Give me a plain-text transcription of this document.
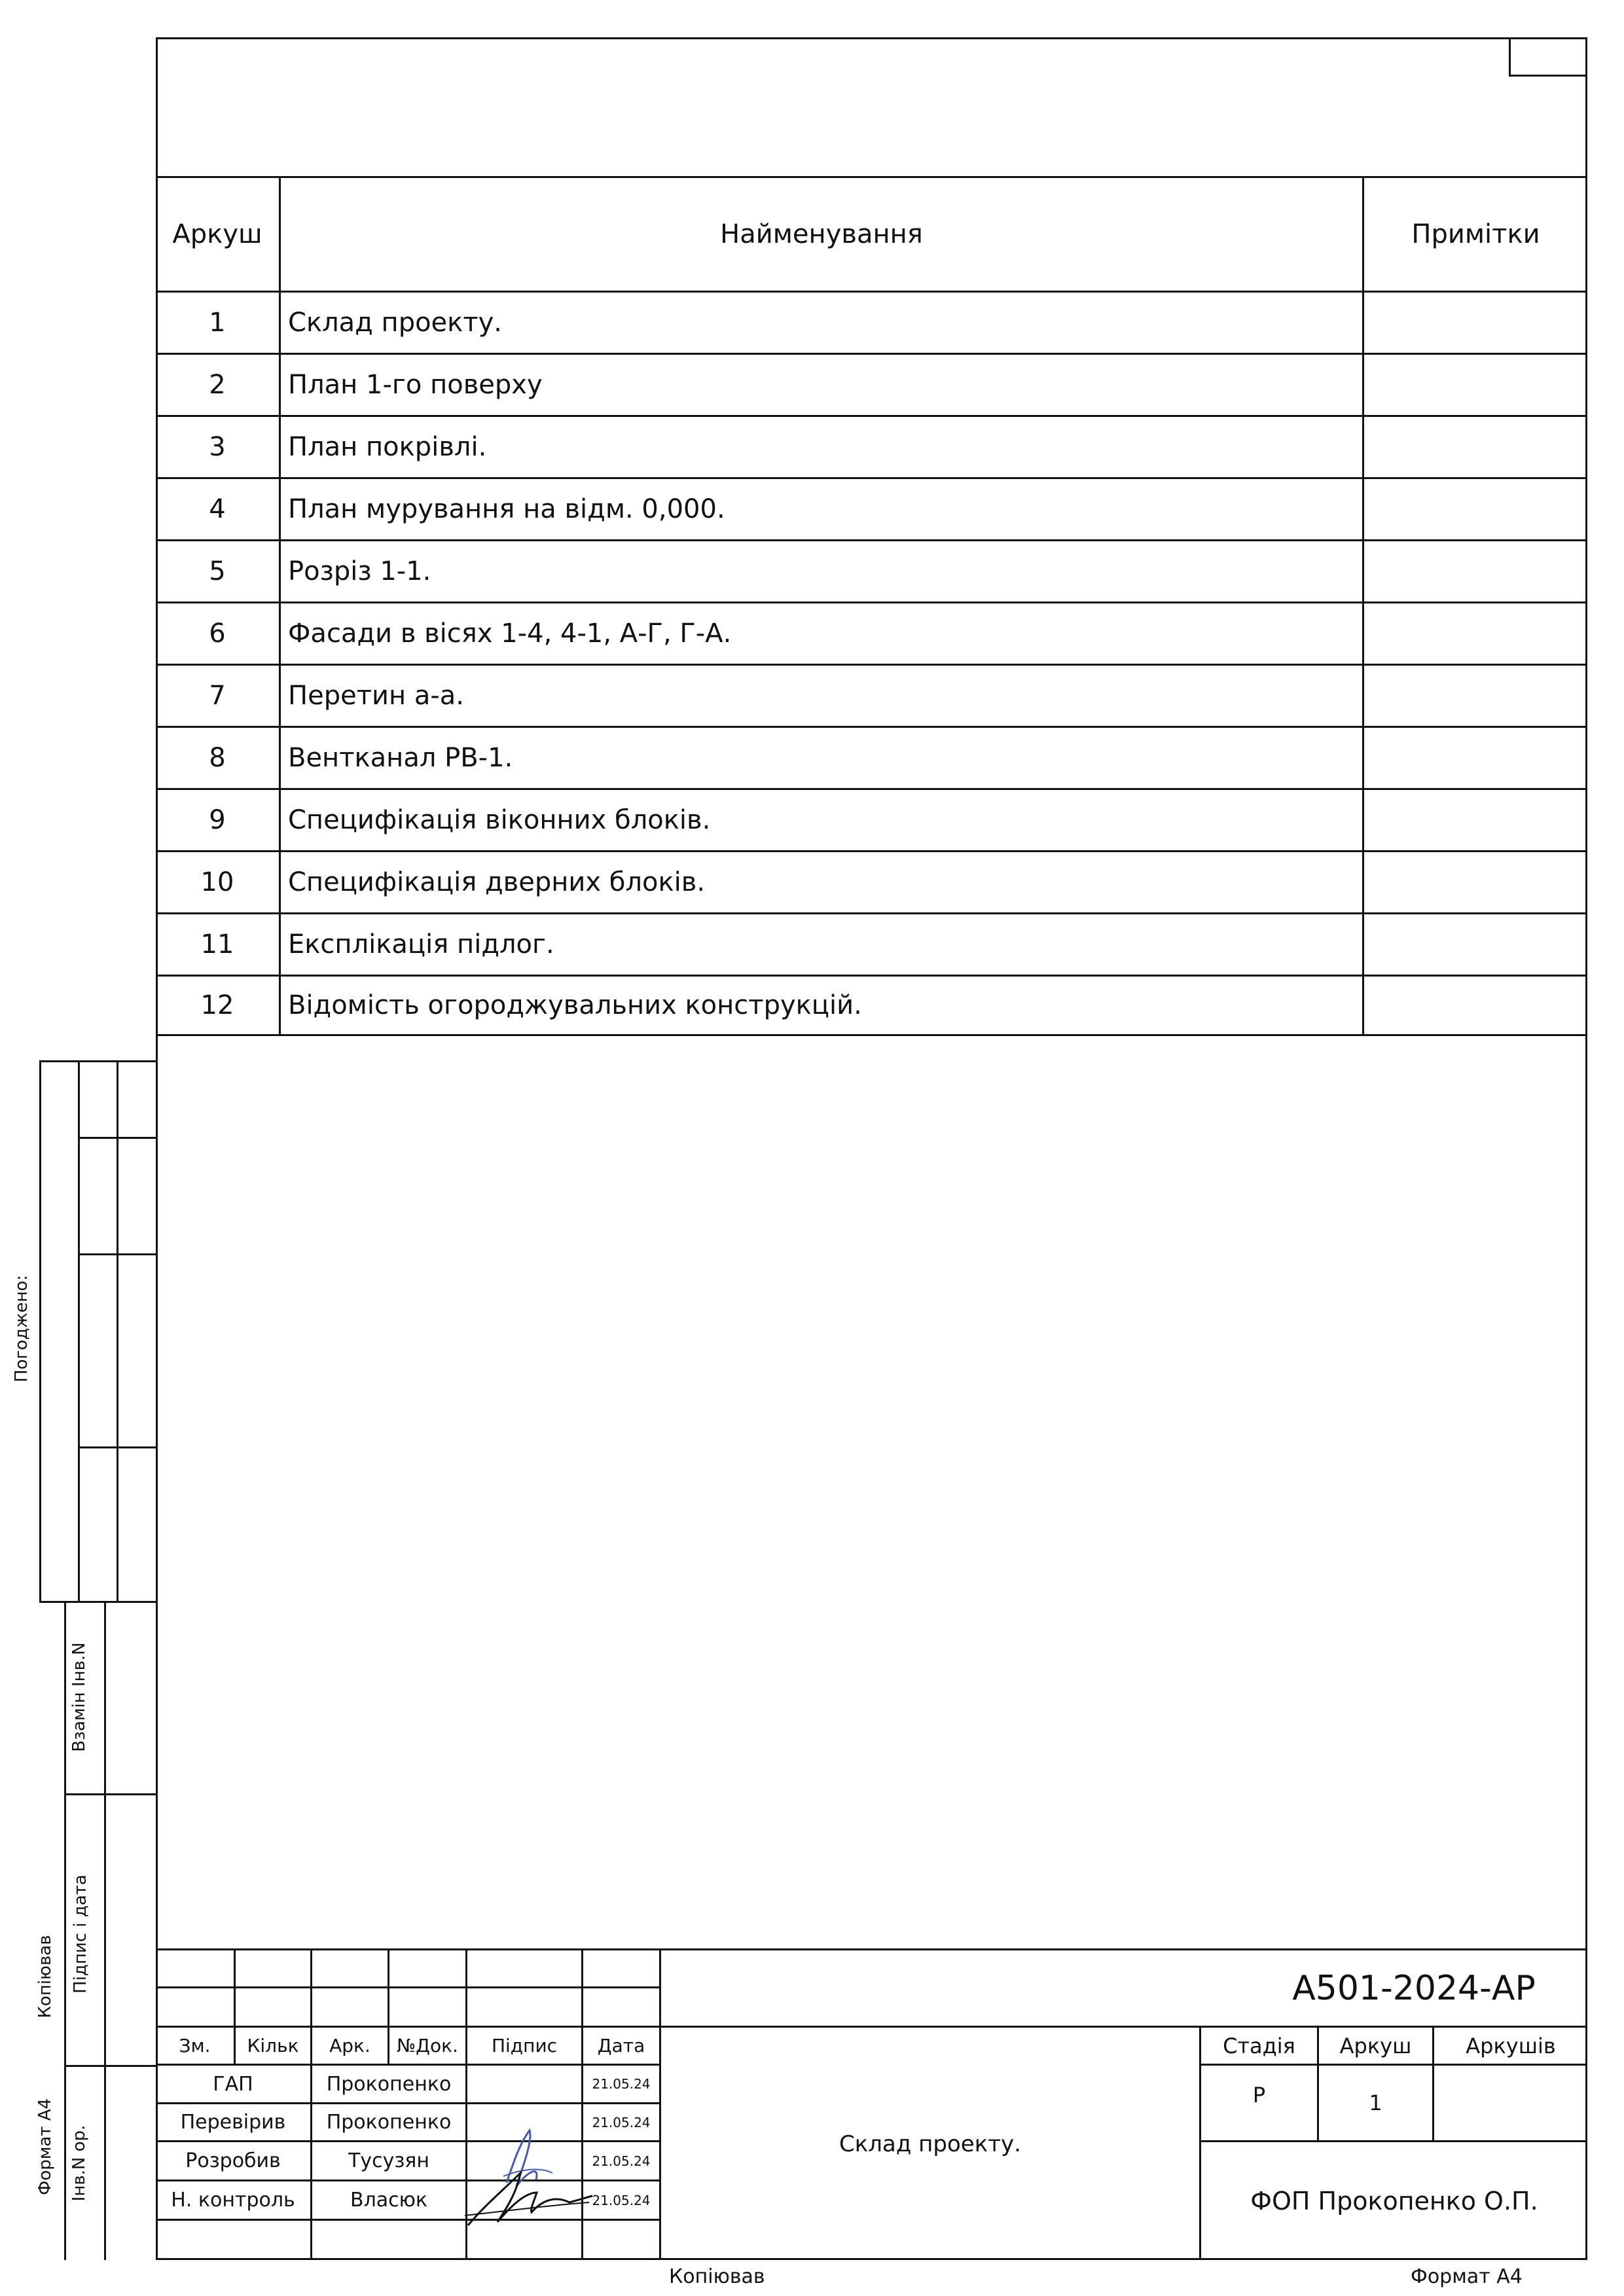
Аркуш	Найменування	Примітки
1	Склад проекту.
2	План 1-го поверху
3	План покрівлі.
4	План мурування на відм. 0,000.
5	Розріз 1-1.
6	Фасади в вісях 1-4, 4-1, А-Г, Г-А.
7	Перетин а-а.
8	Вентканал РВ-1.
9	Специфікація віконних блоків.
10	Специфікація дверних блоків.
11	Експлікація підлог.
12	Відомість огороджувальних конструкцій.
Погоджено:
Взамін Інв.N
Підпис і дата
Інв.N ор.
Копіював
Формат А4
А501-2024-АР
Зм.	Кільк	Арк.	№Док.	Підпис	Дата
ГАП	Прокопенко	21.05.24
Перевірив	Прокопенко	21.05.24
Розробив	Тусузян	21.05.24
Н. контроль	Власюк	21.05.24
Склад проекту.
Стадія	Аркуш	Аркушів
Р	1
ФОП Прокопенко О.П.
Копіював	Формат А4
